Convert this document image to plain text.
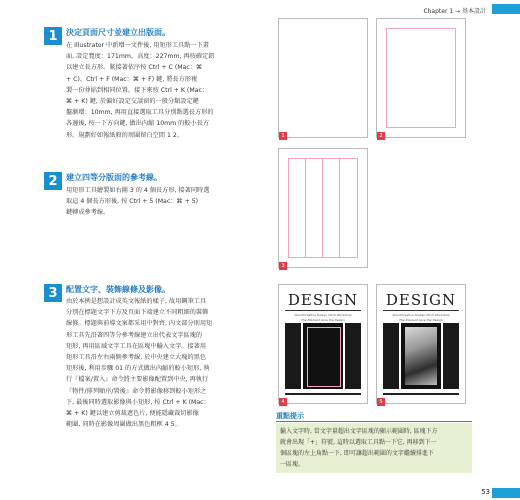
Chapter 1 → 基本設計
1	決定頁面尺寸並建立出版面。
在 Illustrator 中新增一文件後, 用矩形工具點一下畫
面, 設定寬度：171mm、高度：227mm, 再按確定鈕
以建立長方形。緊接著依序按 Ctrl + C (Mac：⌘
+ C)、Ctrl + F (Mac：⌘ + F) 鍵, 將長方形複
製一份並貼到相同位置。接下來按 Ctrl + K (Mac：
⌘ + K) 鍵, 於偏好設定交談窗的一般分類設定鍵
盤漸增：10mm, 再用直接選取工具分別點選長方形的
各邊後, 按一下方向鍵, 做出內縮 10mm 的較小長方
形。規劃好如報紙般的周圍留白空間 1 2。
2	建立四等分版面的參考線。
用矩形工具繪製如右圖 3 的 4 個長方形, 接著同時選
取這 4 個長方形後, 按 Ctrl + 5 (Mac：⌘ + 5)
鍵轉成參考線。
3	配置文字、裝飾線條及影像。
由於本例是想設計成英文報紙的樣子, 故用鋼筆工具
分別在標題文字下方及頁面下端建立不同粗細的裝飾
線條。標題與前導文案都采用中對齊, 內文部分則用矩
形工具先沿著四等分參考線建立出代表文字區塊的
矩形, 再用區域文字工具在區塊中輸入文字。接著用
矩形工具沿左右兩側參考線, 於中央建立大塊的黑色
矩形後, 利用步驟 01 的方式做出內縮的較小矩形, 執
行『檔案/置入』命令將主要影像配置到中央, 再執行
『物件/排列順序/置後』命令將影像移到較小矩形之
下, 最後同時選取影像與小矩形, 按 Ctrl + K (Mac：
⌘ + K) 鍵以建立剪裁遮色片, 便能隱藏裁切影像
範圍, 同時在影像周圍做出黑色粗框 4 5。
1	2
3
DESIGN
AboutCreative Design 2015 Workshop
The Element Give the Design
4
DESIGN
AboutCreative Design 2015 Workshop
The Element Give the Design
5
重點提示
輸入文字時, 當文字量超出文字區塊的顯示範圍時, 區塊下方
就會出現「+」符號, 這時以選取工具點一下它, 再移到下一
個區塊的左上角點一下, 即可讓超出範圍的文字繼續排進下
一區塊。
53
